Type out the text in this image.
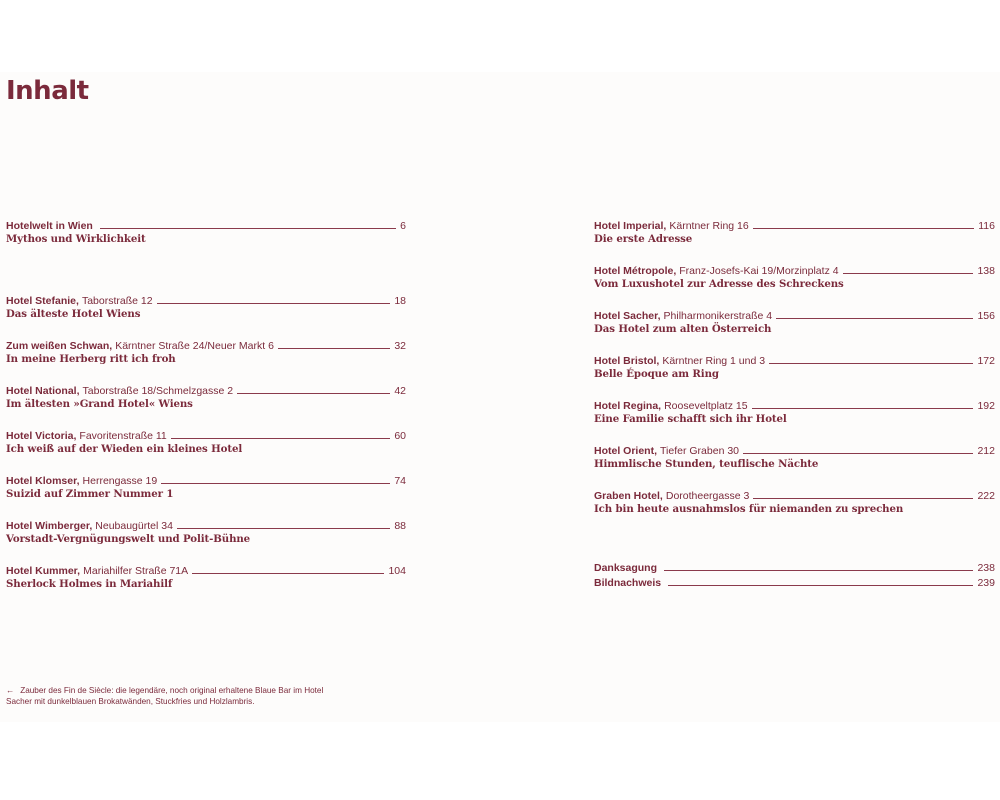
Inhalt
Hotelwelt in Wien	6
Mythos und Wirklichkeit
Hotel Stefanie, Taborstraße 12	18
Das älteste Hotel Wiens
Zum weißen Schwan, Kärntner Straße 24/Neuer Markt 6	32
In meine Herberg ritt ich froh
Hotel National, Taborstraße 18/Schmelzgasse 2	42
Im ältesten »Grand Hotel« Wiens
Hotel Victoria, Favoritenstraße 11	60
Ich weiß auf der Wieden ein kleines Hotel
Hotel Klomser, Herrengasse 19	74
Suizid auf Zimmer Nummer 1
Hotel Wimberger, Neubaugürtel 34	88
Vorstadt-Vergnügungswelt und Polit-Bühne
Hotel Kummer, Mariahilfer Straße 71A	104
Sherlock Holmes in Mariahilf
Hotel Imperial, Kärntner Ring 16	116
Die erste Adresse
Hotel Métropole, Franz-Josefs-Kai 19/Morzinplatz 4	138
Vom Luxushotel zur Adresse des Schreckens
Hotel Sacher, Philharmonikerstraße 4	156
Das Hotel zum alten Österreich
Hotel Bristol, Kärntner Ring 1 und 3	172
Belle Époque am Ring
Hotel Regina, Rooseveltplatz 15	192
Eine Familie schafft sich ihr Hotel
Hotel Orient, Tiefer Graben 30	212
Himmlische Stunden, teuflische Nächte
Graben Hotel, Dorotheergasse 3	222
Ich bin heute ausnahmslos für niemanden zu sprechen
Danksagung	238
Bildnachweis	239
← Zauber des Fin de Siècle: die legendäre, noch original erhaltene Blaue Bar im Hotel Sacher mit dunkelblauen Brokatwänden, Stuckfries und Holzlambris.
